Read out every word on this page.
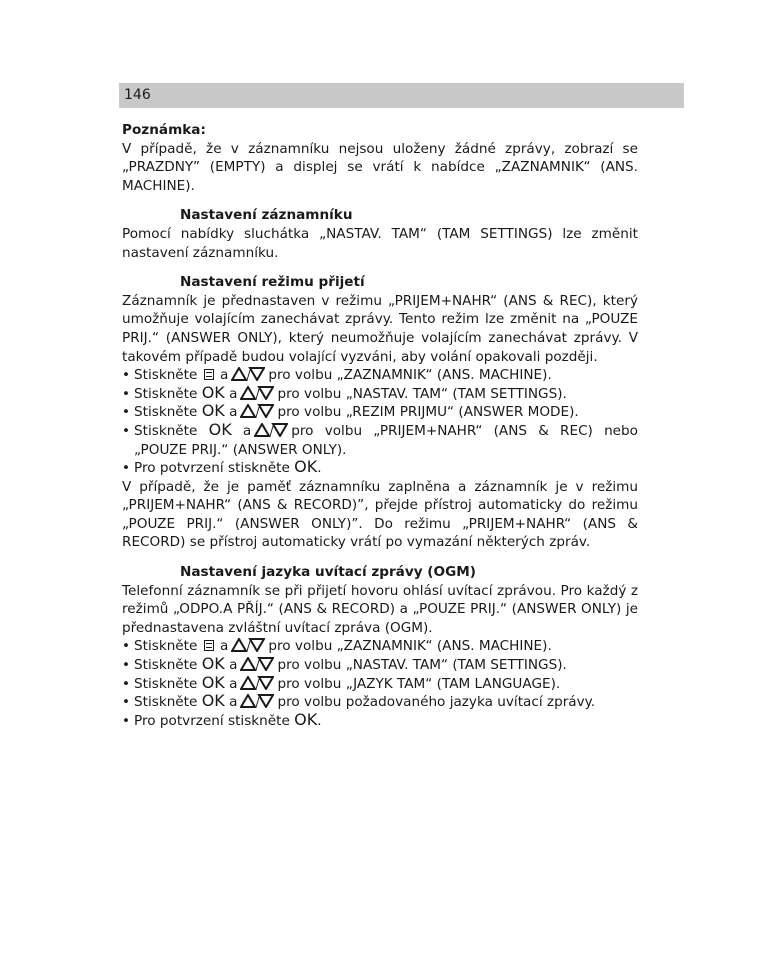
146
Poznámka:
V případě, že v záznamníku nejsou uloženy žádné zprávy, zobrazí se „PRAZDNY” (EMPTY) a displej se vrátí k nabídce „ZAZNAMNIK“ (ANS. MACHINE).
Nastavení záznamníku
Pomocí nabídky sluchátka „NASTAV. TAM“ (TAM SETTINGS) lze změnit nastavení záznamníku.
Nastavení režimu přijetí
Záznamník je přednastaven v režimu „PRIJEM+NAHR“ (ANS & REC), který umožňuje volajícím zanechávat zprávy. Tento režim lze změnit na „POUZE PRIJ.“ (ANSWER ONLY), který neumožňuje volajícím zanechávat zprávy. V takovém případě budou volající vyzváni, aby volání opakovali později.
• Stiskněte a / pro volbu „ZAZNAMNIK“ (ANS. MACHINE).
• Stiskněte OK a / pro volbu „NASTAV. TAM“ (TAM SETTINGS).
• Stiskněte OK a / pro volbu „REZIM PRIJMU“ (ANSWER MODE).
• Stiskněte OK a / pro volbu „PRIJEM+NAHR“ (ANS & REC) nebo „POUZE PRIJ.“ (ANSWER ONLY).
• Pro potvrzení stiskněte OK.
V případě, že je paměť záznamníku zaplněna a záznamník je v režimu „PRIJEM+NAHR“ (ANS & RECORD)”, přejde přístroj automaticky do režimu „POUZE PRIJ.“ (ANSWER ONLY)”. Do režimu „PRIJEM+NAHR“ (ANS & RECORD) se přístroj automaticky vrátí po vymazání některých zpráv.
Nastavení jazyka uvítací zprávy (OGM)
Telefonní záznamník se při přijetí hovoru ohlásí uvítací zprávou. Pro každý z režimů „ODPO.A PŘÍJ.“ (ANS & RECORD) a „POUZE PRIJ.“ (ANSWER ONLY) je přednastavena zvláštní uvítací zpráva (OGM).
• Stiskněte a / pro volbu „ZAZNAMNIK“ (ANS. MACHINE).
• Stiskněte OK a / pro volbu „NASTAV. TAM“ (TAM SETTINGS).
• Stiskněte OK a / pro volbu „JAZYK TAM“ (TAM LANGUAGE).
• Stiskněte OK a / pro volbu požadovaného jazyka uvítací zprávy.
• Pro potvrzení stiskněte OK.
